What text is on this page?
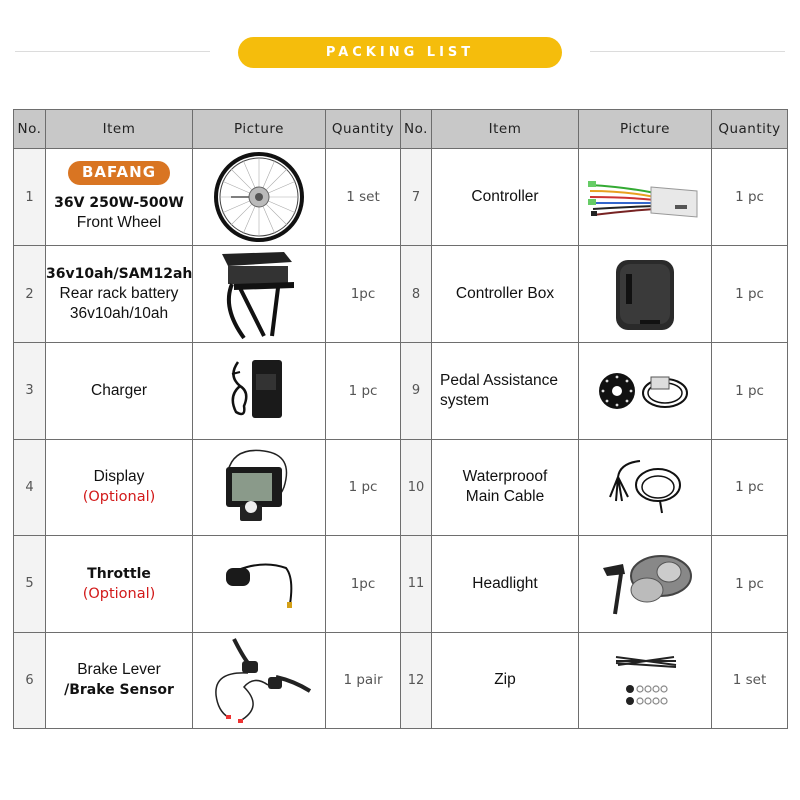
PACKING LIST
No.	Item	Picture	Quantity	No.	Item	Picture	Quantity
1	BAFANG
36V 250W-500W
Front Wheel		1 set	7	Controller		1 pc
2	36v10ah/SAM12ah
Rear rack battery
36v10ah/10ah		1pc	8	Controller Box		1 pc
3	Charger		1 pc	9	Pedal Assistance
system		1 pc
4	Display
(Optional)		1 pc	10	Waterprooof
Main Cable		1 pc
5	Throttle
(Optional)		1pc	11	Headlight		1 pc
6	Brake Lever
/Brake Sensor		1 pair	12	Zip		1 set
